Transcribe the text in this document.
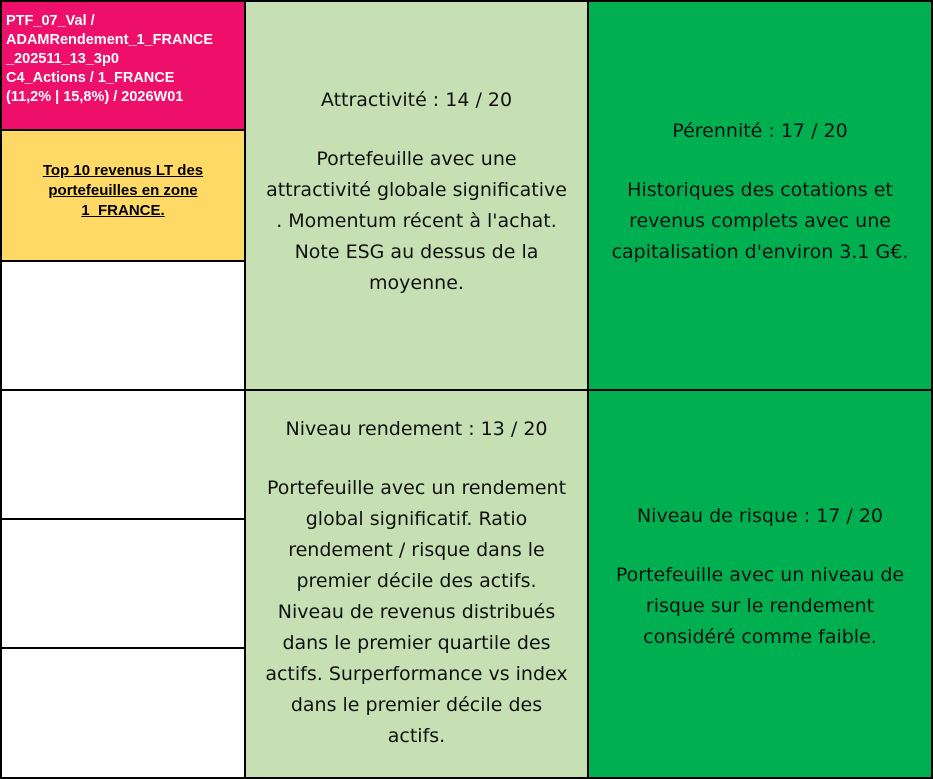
PTF_07_Val /
ADAMRendement_1_FRANCE
_202511_13_3p0
C4_Actions / 1_FRANCE
(11,2% | 15,8%) / 2026W01
Top 10 revenus LT des portefeuilles en zone 1_FRANCE.
Attractivité : 14 / 20
Portefeuille avec une
attractivité globale significative
. Momentum récent à l'achat.
Note ESG au dessus de la
moyenne.
Pérennité : 17 / 20
Historiques des cotations et
revenus complets avec une
capitalisation d'environ 3.1 G€.
Niveau rendement : 13 / 20
Portefeuille avec un rendement
global significatif. Ratio
rendement / risque dans le
premier décile des actifs.
Niveau de revenus distribués
dans le premier quartile des
actifs. Surperformance vs index
dans le premier décile des
actifs.
Niveau de risque : 17 / 20
Portefeuille avec un niveau de
risque sur le rendement
considéré comme faible.
